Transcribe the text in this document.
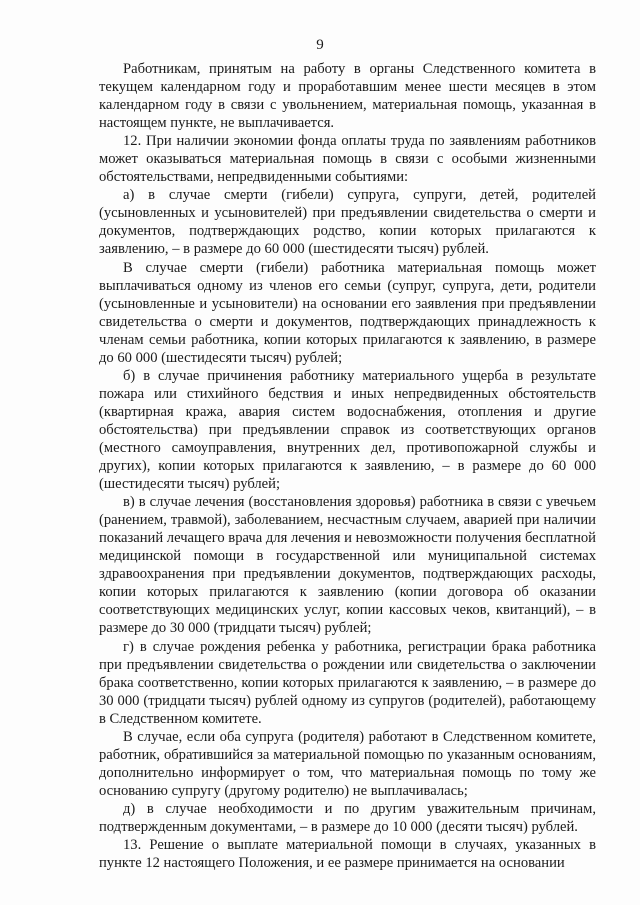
9

Работникам, принятым на работу в органы Следственного комитета в текущем календарном году и проработавшим менее шести месяцев в этом календарном году в связи с увольнением, материальная помощь, указанная в настоящем пункте, не выплачивается.

12. При наличии экономии фонда оплаты труда по заявлениям работников может оказываться материальная помощь в связи с особыми жизненными обстоятельствами, непредвиденными событиями:

а) в случае смерти (гибели) супруга, супруги, детей, родителей (усыновленных и усыновителей) при предъявлении свидетельства о смерти и документов, подтверждающих родство, копии которых прилагаются к заявлению, – в размере до 60 000 (шестидесяти тысяч) рублей.

В случае смерти (гибели) работника материальная помощь может выплачиваться одному из членов его семьи (супруг, супруга, дети, родители (усыновленные и усыновители) на основании его заявления при предъявлении свидетельства о смерти и документов, подтверждающих принадлежность к членам семьи работника, копии которых прилагаются к заявлению, в размере до 60 000 (шестидесяти тысяч) рублей;

б) в случае причинения работнику материального ущерба в результате пожара или стихийного бедствия и иных непредвиденных обстоятельств (квартирная кража, авария систем водоснабжения, отопления и другие обстоятельства) при предъявлении справок из соответствующих органов (местного самоуправления, внутренних дел, противопожарной службы и других), копии которых прилагаются к заявлению, – в размере до 60 000 (шестидесяти тысяч) рублей;

в) в случае лечения (восстановления здоровья) работника в связи с увечьем (ранением, травмой), заболеванием, несчастным случаем, аварией при наличии показаний лечащего врача для лечения и невозможности получения бесплатной медицинской помощи в государственной или муниципальной системах здравоохранения при предъявлении документов, подтверждающих расходы, копии которых прилагаются к заявлению (копии договора об оказании соответствующих медицинских услуг, копии кассовых чеков, квитанций), – в размере до 30 000 (тридцати тысяч) рублей;

г) в случае рождения ребенка у работника, регистрации брака работника при предъявлении свидетельства о рождении или свидетельства о заключении брака соответственно, копии которых прилагаются к заявлению, – в размере до 30 000 (тридцати тысяч) рублей одному из супругов (родителей), работающему в Следственном комитете.

В случае, если оба супруга (родителя) работают в Следственном комитете, работник, обратившийся за материальной помощью по указанным основаниям, дополнительно информирует о том, что материальная помощь по тому же основанию супругу (другому родителю) не выплачивалась;

д) в случае необходимости и по другим уважительным причинам, подтвержденным документами, – в размере до 10 000 (десяти тысяч) рублей.

13. Решение о выплате материальной помощи в случаях, указанных в пункте 12 настоящего Положения, и ее размере принимается на основании
